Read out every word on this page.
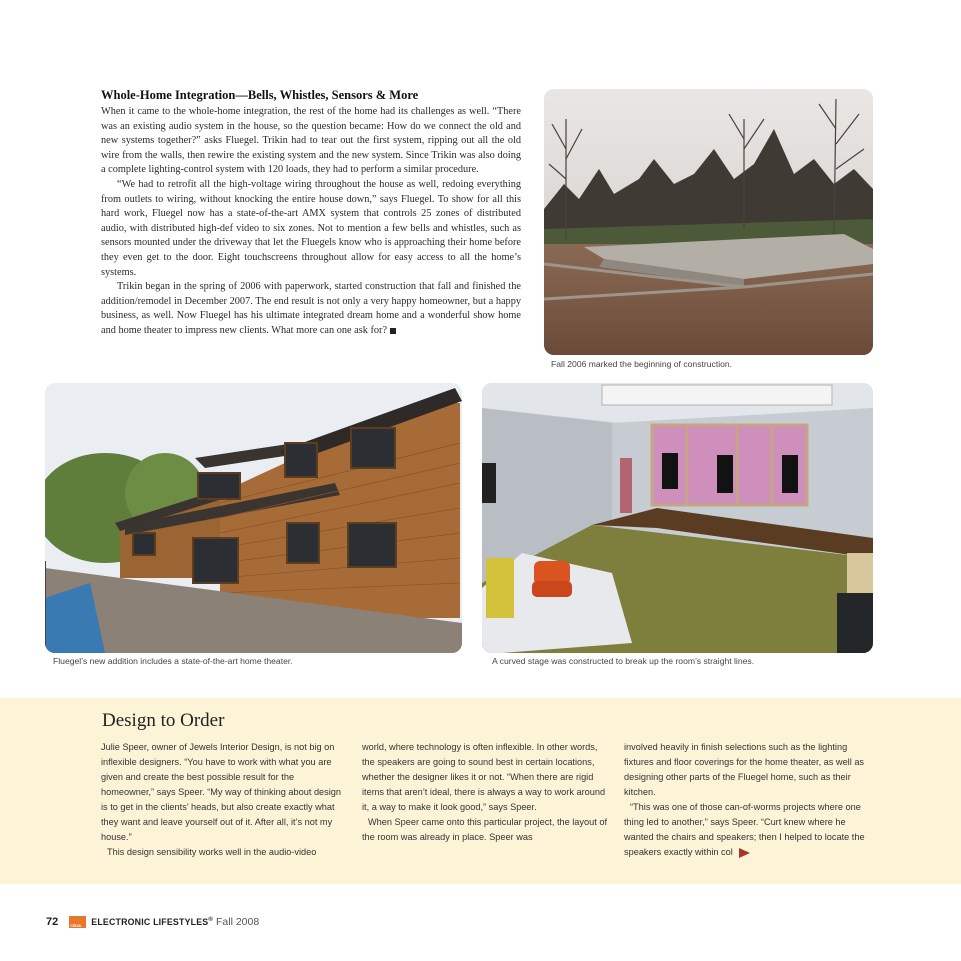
Whole-Home Integration—Bells, Whistles, Sensors & More

When it came to the whole-home integration, the rest of the home had its challenges as well. “There was an existing audio system in the house, so the question became: How do we connect the old and new systems together?” asks Fluegel. Trikin had to tear out the first system, ripping out all the old wire from the walls, then rewire the existing system and the new system. Since Trikin was also doing a complete lighting-control system with 120 loads, they had to perform a similar procedure.

“We had to retrofit all the high-voltage wiring throughout the house as well, redoing everything from outlets to wiring, without knocking the entire house down,” says Fluegel. To show for all this hard work, Fluegel now has a state-of-the-art AMX system that controls 25 zones of distributed audio, with distributed high-def video to six zones. Not to mention a few bells and whistles, such as sensors mounted under the driveway that let the Fluegels know who is approaching their home before they even get to the door. Eight touchscreens throughout allow for easy access to all the home’s systems.

Trikin began in the spring of 2006 with paperwork, started construction that fall and finished the addition/remodel in December 2007. The end result is not only a very happy homeowner, but a happy business, as well. Now Fluegel has his ultimate integrated dream home and a wonderful show home and home theater to impress new clients. What more can one ask for?

Fall 2006 marked the beginning of construction.
Fluegel’s new addition includes a state-of-the-art home theater.	A curved stage was constructed to break up the room’s straight lines.
Design to Order

Julie Speer, owner of Jewels Interior Design, is not big on inflexible designers. “You have to work with what you are given and create the best possible result for the homeowner,” says Speer. “My way of thinking about design is to get in the clients’ heads, but also create exactly what they want and leave yourself out of it. After all, it’s not my house.”

This design sensibility works well in the audio-video

world, where technology is often inflexible. In other words, the speakers are going to sound best in certain locations, whether the designer likes it or not. “When there are rigid items that aren’t ideal, there is always a way to work around it, a way to make it look good,” says Speer.

When Speer came onto this particular project, the layout of the room was already in place. Speer was

involved heavily in finish selections such as the lighting fixtures and floor coverings for the home theater, as well as designing other parts of the Fluegel home, such as their kitchen.

“This was one of those can-of-worms projects where one thing led to another,” says Speer. “Curt knew where he wanted the chairs and speakers; then I helped to locate the speakers exactly within col

72	CEDIA ELECTRONIC LIFESTYLES® Fall 2008
